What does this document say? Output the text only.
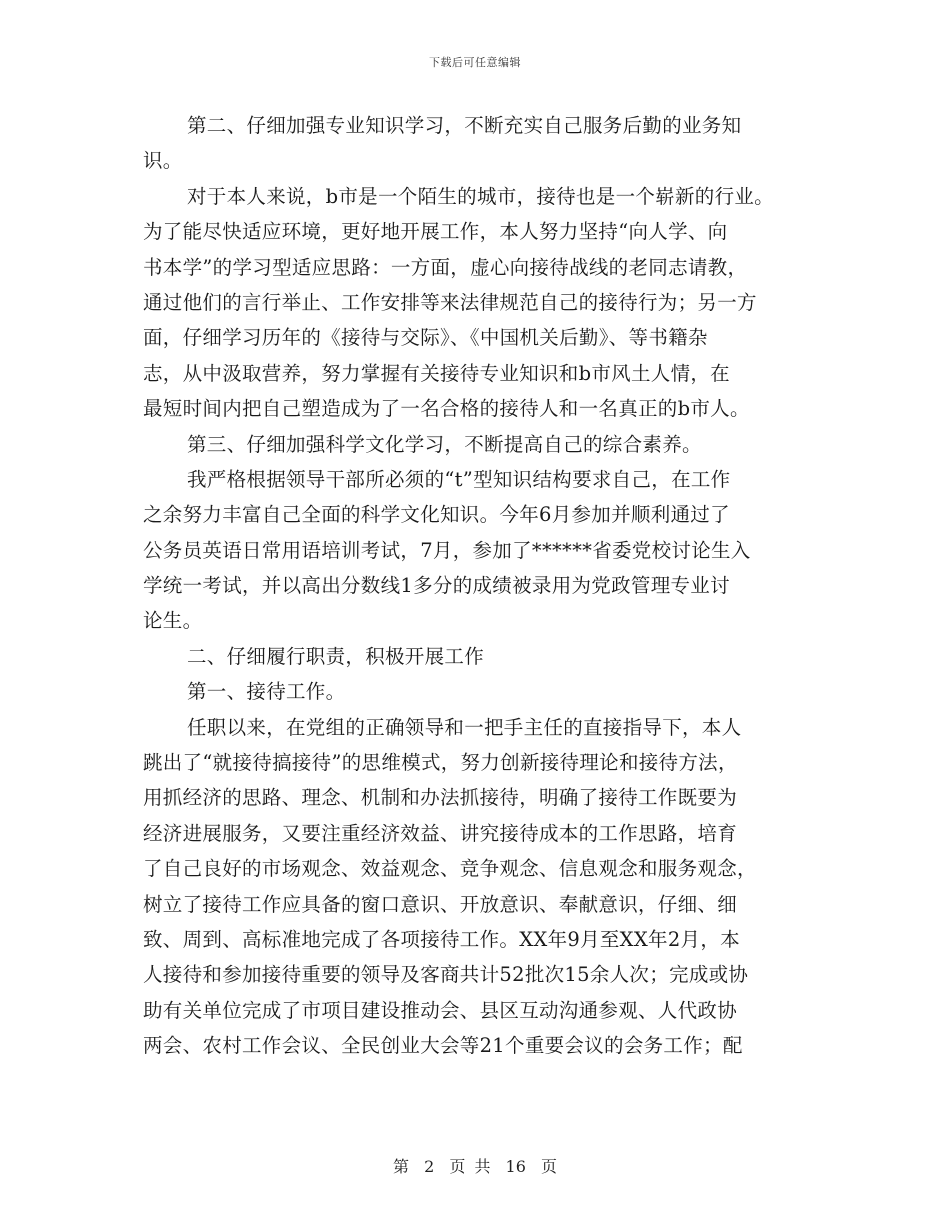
下载后可任意编辑
第二、仔细加强专业知识学习，不断充实自己服务后勤的业务知
识。
对于本人来说，b市是一个陌生的城市，接待也是一个崭新的行业。
为了能尽快适应环境，更好地开展工作，本人努力坚持“向人学、向
书本学”的学习型适应思路：一方面，虚心向接待战线的老同志请教，
通过他们的言行举止、工作安排等来法律规范自己的接待行为；另一方
面，仔细学习历年的《接待与交际》、《中国机关后勤》、等书籍杂
志，从中汲取营养，努力掌握有关接待专业知识和b市风土人情，在
最短时间内把自己塑造成为了一名合格的接待人和一名真正的b市人。
第三、仔细加强科学文化学习，不断提高自己的综合素养。
我严格根据领导干部所必须的“t”型知识结构要求自己，在工作
之余努力丰富自己全面的科学文化知识。今年6月参加并顺利通过了
公务员英语日常用语培训考试，7月，参加了******省委党校讨论生入
学统一考试，并以高出分数线1多分的成绩被录用为党政管理专业讨
论生。
二、仔细履行职责，积极开展工作
第一、接待工作。
任职以来，在党组的正确领导和一把手主任的直接指导下，本人
跳出了“就接待搞接待”的思维模式，努力创新接待理论和接待方法，
用抓经济的思路、理念、机制和办法抓接待，明确了接待工作既要为
经济进展服务，又要注重经济效益、讲究接待成本的工作思路，培育
了自己良好的市场观念、效益观念、竞争观念、信息观念和服务观念，
树立了接待工作应具备的窗口意识、开放意识、奉献意识，仔细、细
致、周到、高标准地完成了各项接待工作。XX年9月至XX年2月，本
人接待和参加接待重要的领导及客商共计52批次15余人次；完成或协
助有关单位完成了市项目建设推动会、县区互动沟通参观、人代政协
两会、农村工作会议、全民创业大会等21个重要会议的会务工作；配
第 2 页 共 16 页
